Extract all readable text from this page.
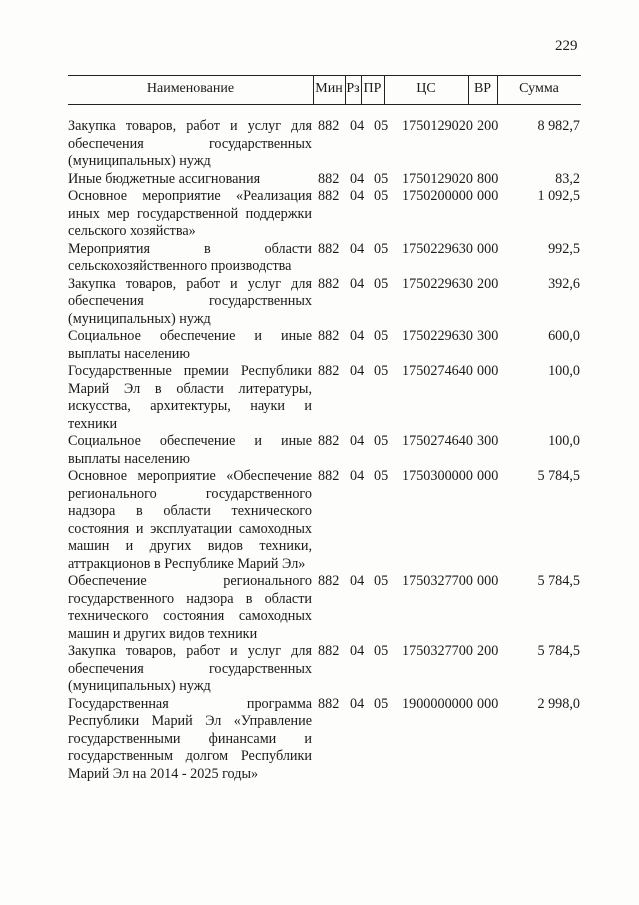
229
Наименование	Мин Рз ПР	ЦС	ВР	Сумма
Закупка товаров, работ и услуг для обеспечения государственных (муниципальных) нужд
882 04 05 1750129020 200	8 982,7
Иные бюджетные ассигнования	882 04 05 1750129020 800	83,2
Основное мероприятие «Реализация иных мер государственной поддержки сельского хозяйства»
882 04 05 1750200000 000	1 092,5
Мероприятия в области сельскохозяйственного производства
882 04 05 1750229630 000	992,5
Закупка товаров, работ и услуг для обеспечения государственных (муниципальных) нужд
882 04 05 1750229630 200	392,6
Социальное обеспечение и иные выплаты населению
882 04 05 1750229630 300	600,0
Государственные премии Республики Марий Эл в области литературы, искусства, архитектуры, науки и техники
882 04 05 1750274640 000	100,0
Социальное обеспечение и иные выплаты населению
882 04 05 1750274640 300	100,0
Основное мероприятие «Обеспечение регионального государственного надзора в области технического состояния и эксплуатации самоходных машин и других видов техники, аттракционов в Республике Марий Эл»
882 04 05 1750300000 000	5 784,5
Обеспечение регионального государственного надзора в области технического состояния самоходных машин и других видов техники
882 04 05 1750327700 000	5 784,5
Закупка товаров, работ и услуг для обеспечения государственных (муниципальных) нужд
882 04 05 1750327700 200	5 784,5
Государственная программа Республики Марий Эл «Управление государственными финансами и государственным долгом Республики Марий Эл на 2014 - 2025 годы»
882 04 05 1900000000 000	2 998,0
